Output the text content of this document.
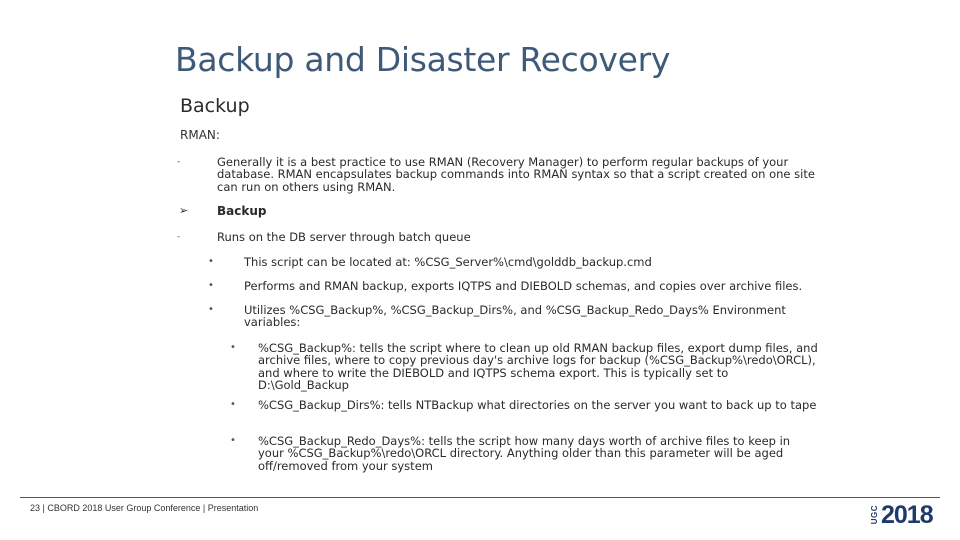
Backup and Disaster Recovery
Backup
RMAN:
-	Generally it is a best practice to use RMAN (Recovery Manager) to perform regular backups of your database. RMAN encapsulates backup commands into RMAN syntax so that a script created on one site can run on others using RMAN.
➢ Backup
-	Runs on the DB server through batch queue
•	This script can be located at: %CSG_Server%\cmd\golddb_backup.cmd
•	Performs and RMAN backup, exports IQTPS and DIEBOLD schemas, and copies over archive files.
•	Utilizes %CSG_Backup%, %CSG_Backup_Dirs%, and %CSG_Backup_Redo_Days% Environment variables:
• %CSG_Backup%: tells the script where to clean up old RMAN backup files, export dump files, and archive files, where to copy previous day's archive logs for backup (%CSG_Backup%\redo\ORCL), and where to write the DIEBOLD and IQTPS schema export. This is typically set to D:\Gold_Backup
• %CSG_Backup_Dirs%: tells NTBackup what directories on the server you want to back up to tape
• %CSG_Backup_Redo_Days%: tells the script how many days worth of archive files to keep in your %CSG_Backup%\redo\ORCL directory. Anything older than this parameter will be aged off/removed from your system
23 | CBORD 2018 User Group Conference | Presentation	UGC 2018
